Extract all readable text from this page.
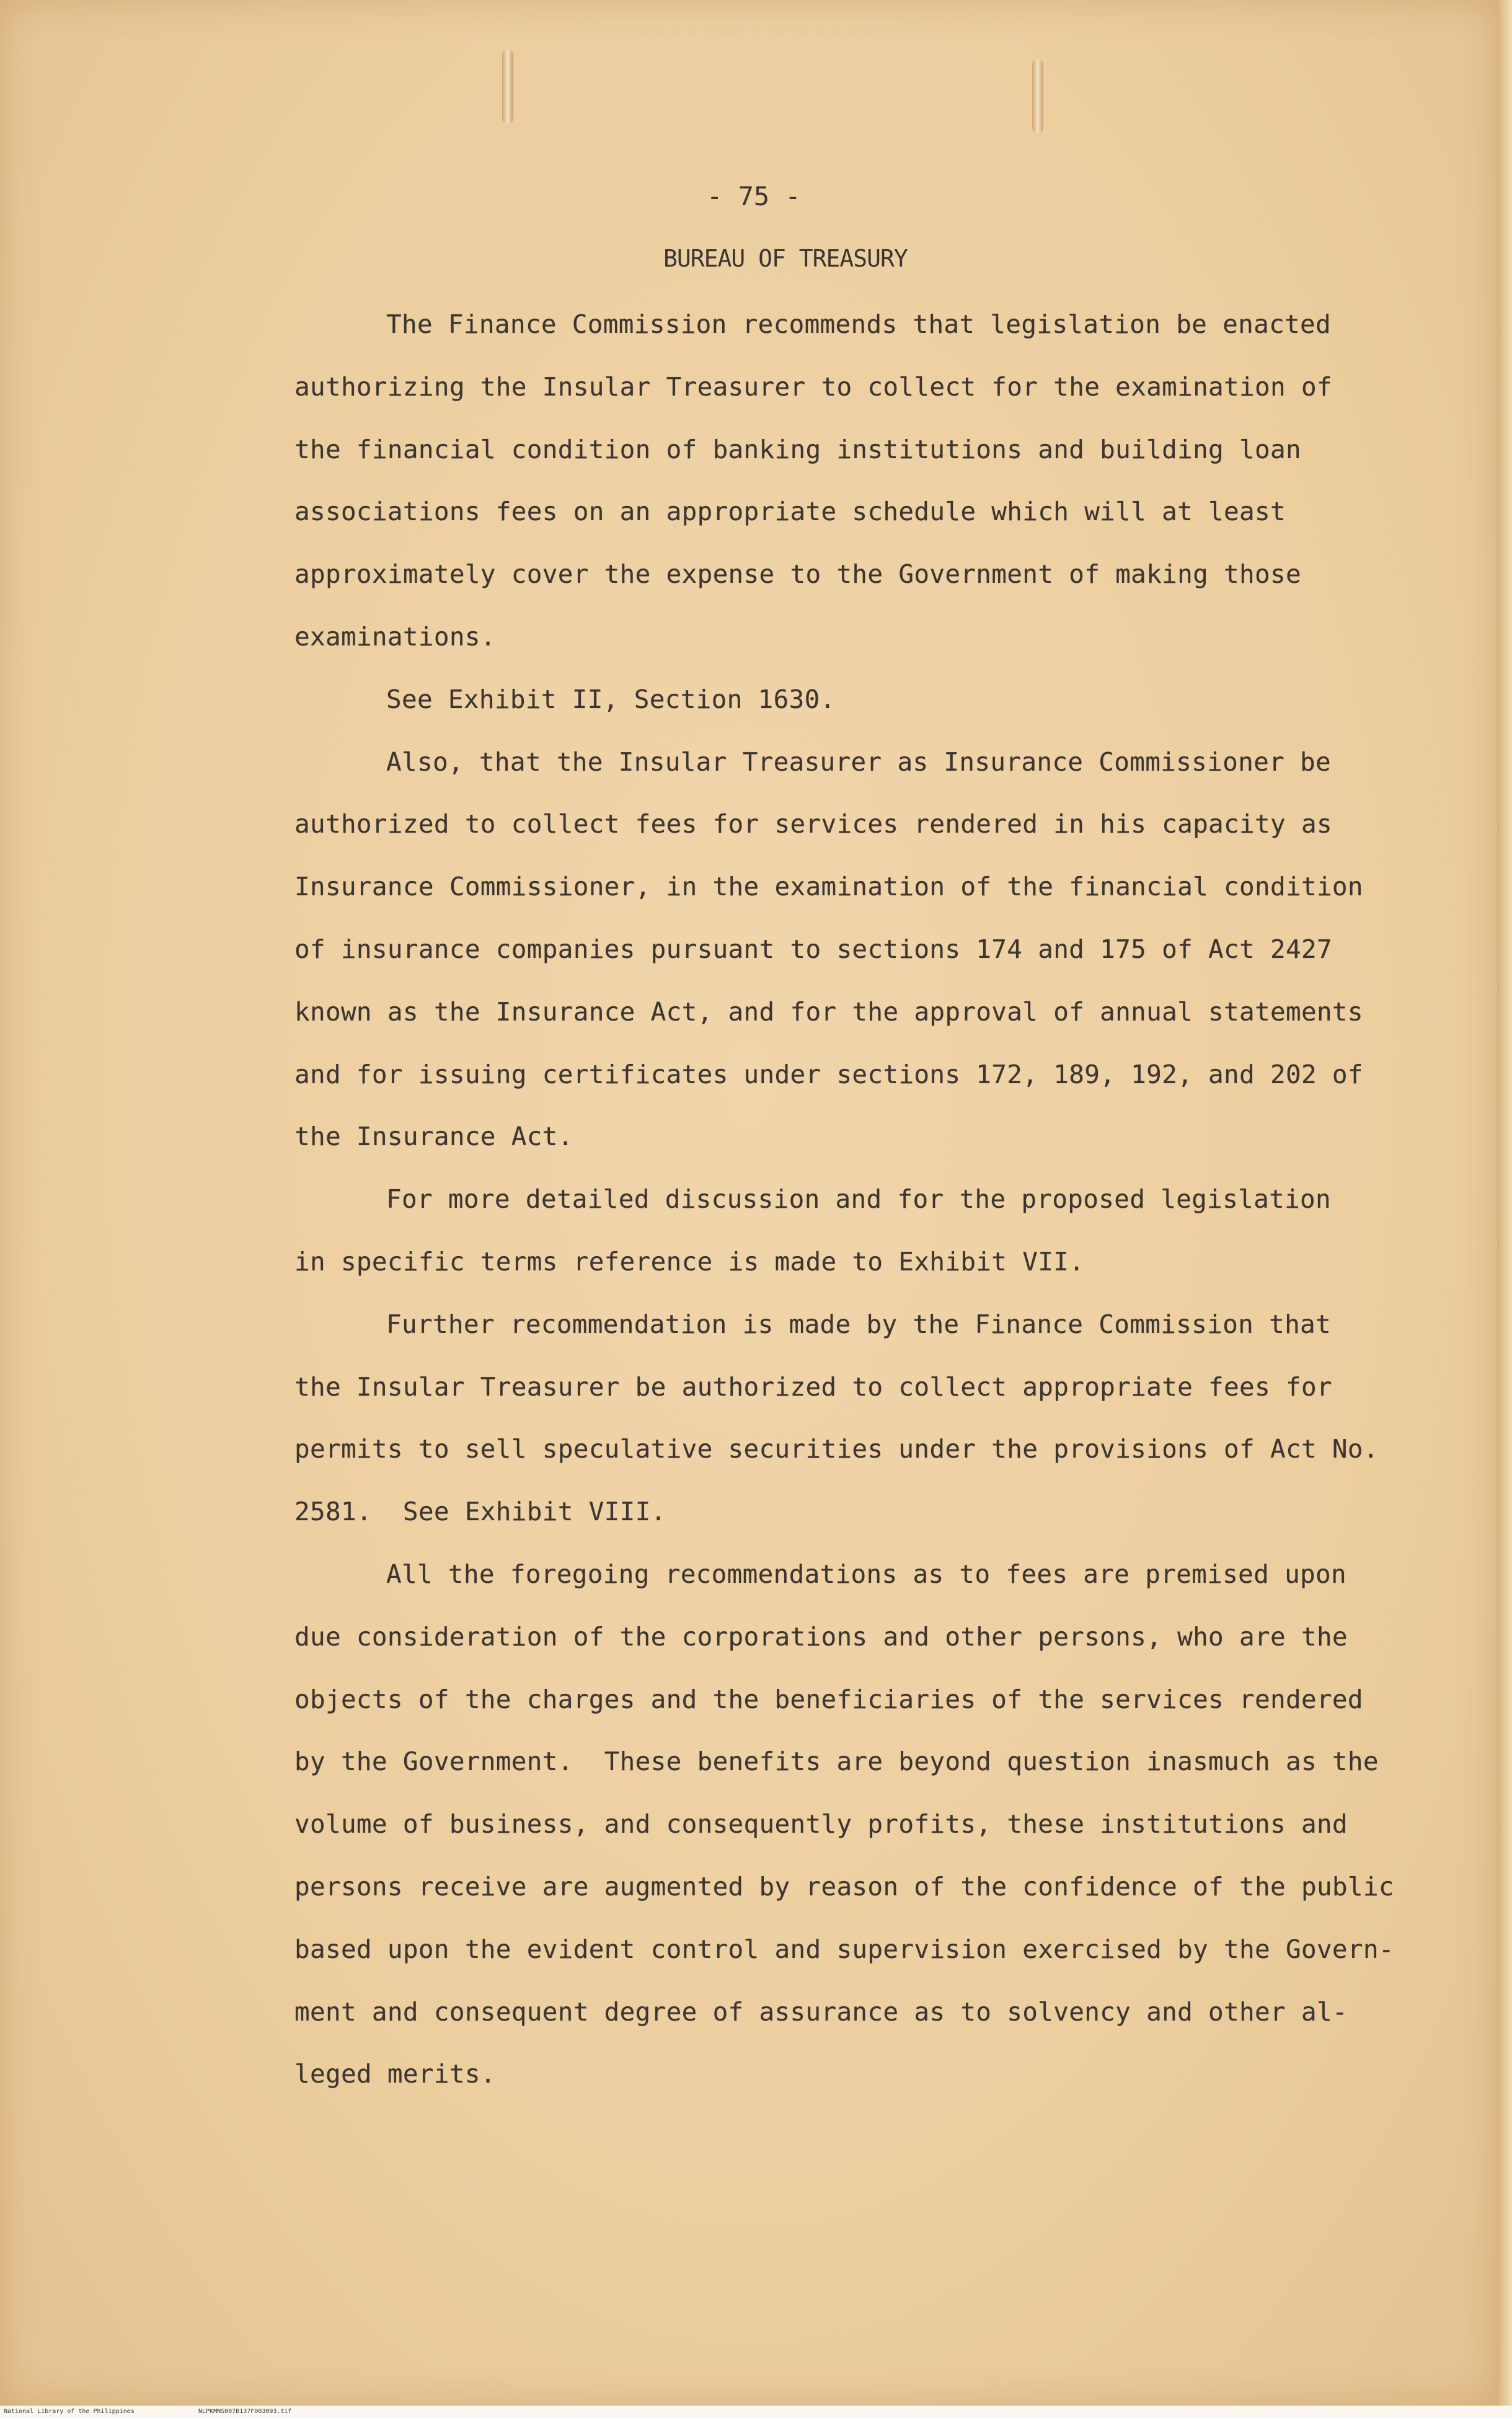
- 75 -
BUREAU OF TREASURY
The Finance Commission recommends that legislation be enacted
authorizing the Insular Treasurer to collect for the examination of
the financial condition of banking institutions and building loan
associations fees on an appropriate schedule which will at least
approximately cover the expense to the Government of making those
examinations.
See Exhibit II, Section 1630.
Also, that the Insular Treasurer as Insurance Commissioner be
authorized to collect fees for services rendered in his capacity as
Insurance Commissioner, in the examination of the financial condition
of insurance companies pursuant to sections 174 and 175 of Act 2427
known as the Insurance Act, and for the approval of annual statements
and for issuing certificates under sections 172, 189, 192, and 202 of
the Insurance Act.
For more detailed discussion and for the proposed legislation
in specific terms reference is made to Exhibit VII.
Further recommendation is made by the Finance Commission that
the Insular Treasurer be authorized to collect appropriate fees for
permits to sell speculative securities under the provisions of Act No.
2581.  See Exhibit VIII.
All the foregoing recommendations as to fees are premised upon
due consideration of the corporations and other persons, who are the
objects of the charges and the beneficiaries of the services rendered
by the Government.  These benefits are beyond question inasmuch as the
volume of business, and consequently profits, these institutions and
persons receive are augmented by reason of the confidence of the public
based upon the evident control and supervision exercised by the Govern-
ment and consequent degree of assurance as to solvency and other al-
leged merits.
National Library of the Philippines	NLPKMNS007B137F003093.tif
